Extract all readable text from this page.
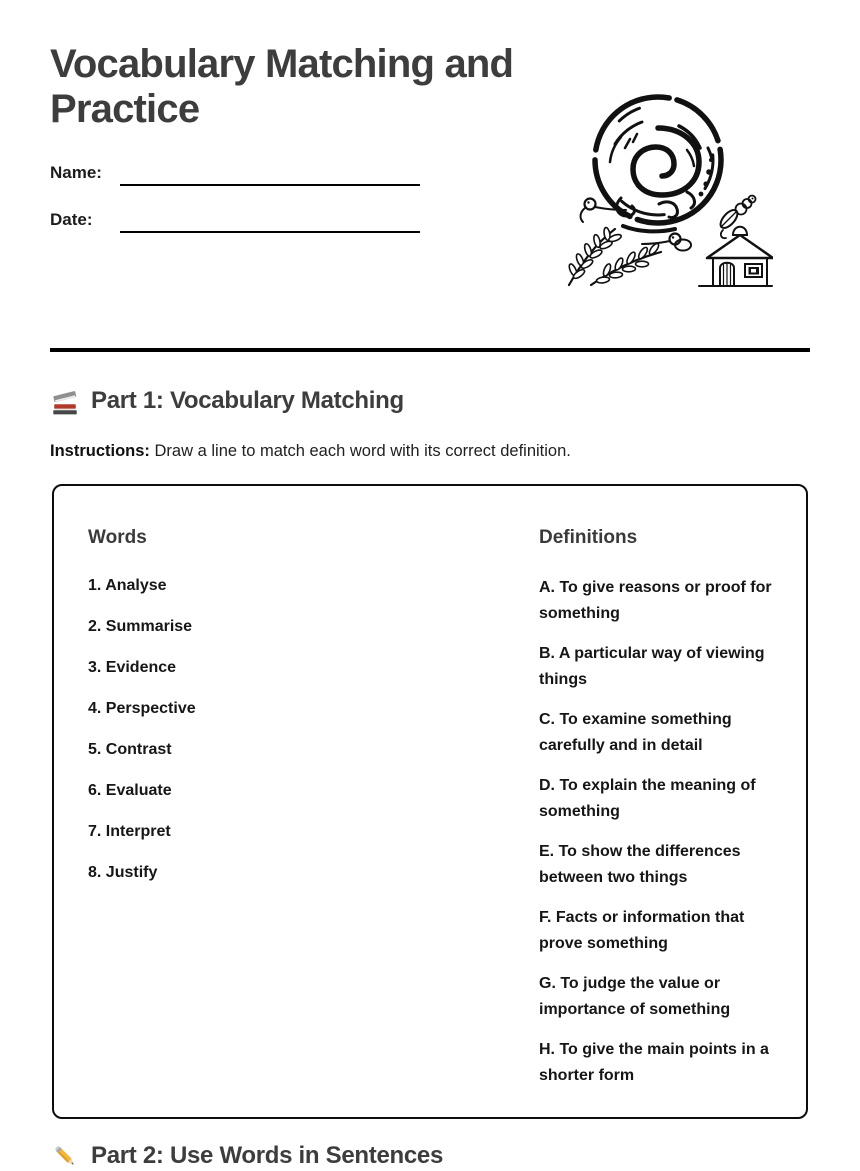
Vocabulary Matching and Practice
Name:
Date:
Part 1: Vocabulary Matching

Instructions: Draw a line to match each word with its correct definition.

Words
1. Analyse
2. Summarise
3. Evidence
4. Perspective
5. Contrast
6. Evaluate
7. Interpret
8. Justify
Definitions
A. To give reasons or proof for something
B. A particular way of viewing things
C. To examine something carefully and in detail
D. To explain the meaning of something
E. To show the differences between two things
F. Facts or information that prove something
G. To judge the value or importance of something
H. To give the main points in a shorter form
Part 2: Use Words in Sentences
